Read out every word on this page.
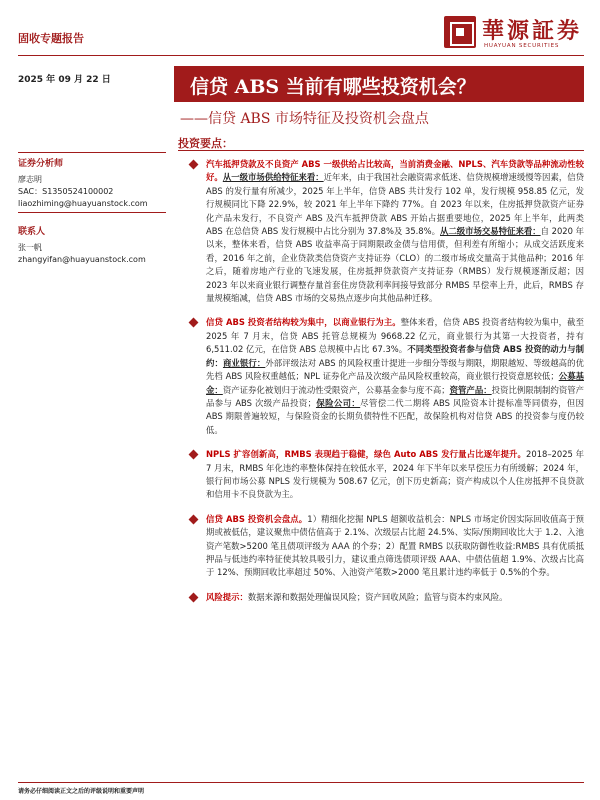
固收专题报告	華源証券
HUAYUAN SECURITIES
2025 年 09 月 22 日	信贷 ABS 当前有哪些投资机会？
——信贷 ABS 市场特征及投资机会盘点
投资要点：
证券分析师
廖志明
SAC：S1350524100002
liaozhiming@huayuanstock.com
联系人
张一帆
zhangyifan@huayuanstock.com
汽车抵押贷款及不良资产 ABS 一级供给占比较高，当前消费金融、NPLS、汽车贷款等品种流动性较好。从一级市场供给特征来看：近年来，由于我国社会融资需求低迷、信贷规模增速缓慢等因素，信贷 ABS 的发行量有所减少，2025 年上半年，信贷 ABS 共计发行 102 单，发行规模 958.85 亿元，发行规模同比下降 22.9%，较 2021 年上半年下降约 77%。自 2023 年以来，住房抵押贷款资产证券化产品未发行，不良资产 ABS 及汽车抵押贷款 ABS 开始占据重要地位，2025 年上半年，此两类 ABS 在总信贷 ABS 发行规模中占比分别为 37.8%及 35.8%。从二级市场交易特征来看：自 2020 年以来，整体来看，信贷 ABS 收益率高于同期限政金债与信用债，但利差有所缩小；从成交活跃度来看，2016 年之前，企业贷款类信贷资产支持证券（CLO）的二级市场成交量高于其他品种；2016 年之后，随着房地产行业的飞速发展，住房抵押贷款资产支持证券（RMBS）发行规模逐渐反超；因 2023 年以来商业银行调整存量首套住房贷款利率间接导致部分 RMBS 早偿率上升，此后，RMBS 存量规模缩减，信贷 ABS 市场的交易热点逐步向其他品种迁移。
信贷 ABS 投资者结构较为集中，以商业银行为主。整体来看，信贷 ABS 投资者结构较为集中，截至 2025 年 7 月末，信贷 ABS 托管总规模为 9668.22 亿元，商业银行为其第一大投资者，持有 6,511.02 亿元，在信贷 ABS 总规模中占比 67.3%。不同类型投资者参与信贷 ABS 投资的动力与制约：商业银行：外部评级法对 ABS 的风险权重计提进一步细分等级与期限，期限越短、等级越高的优先档 ABS 风险权重越低；NPL 证券化产品及次级产品风险权重较高，商业银行投资意愿较低；公募基金：资产证券化被划归于流动性受限资产，公募基金参与度不高；资管产品：投资比例限制制约资管产品参与 ABS 次级产品投资；保险公司：尽管偿二代二期将 ABS 风险资本计提标准等同债券，但因 ABS 期限普遍较短，与保险资金的长期负债特性不匹配，故保险机构对信贷 ABS 的投资参与度仍较低。
NPLS 扩容创新高，RMBS 表现趋于稳健，绿色 Auto ABS 发行量占比逐年提升。2018–2025 年 7 月末，RMBS 年化违约率整体保持在较低水平，2024 年下半年以来早偿压力有所缓解；2024 年，银行间市场公募 NPLS 发行规模为 508.67 亿元，创下历史新高；资产构成以个人住房抵押不良贷款和信用卡不良贷款为主。
信贷 ABS 投资机会盘点。1）精细化挖掘 NPLS 超额收益机会：NPLS 市场定价因实际回收值高于预期或被低估，建议聚焦中债估值高于 2.1%、次级层占比超 24.5%、实际/预期回收比大于 1.2、入池资产笔数>5200 笔且债项评级为 AAA 的个券；2）配置 RMBS 以获取防御性收益:RMBS 具有优质抵押品与低违约率特征使其较具吸引力，建议重点筛选债项评级 AAA、中债估值超 1.9%、次级占比高于 12%、预期回收比率超过 50%、入池资产笔数>2000 笔且累计违约率低于 0.5%的个券。
风险提示：数据来源和数据处理偏误风险；资产回收风险；监管与资本约束风险。
请务必仔细阅读正文之后的评级说明和重要声明
